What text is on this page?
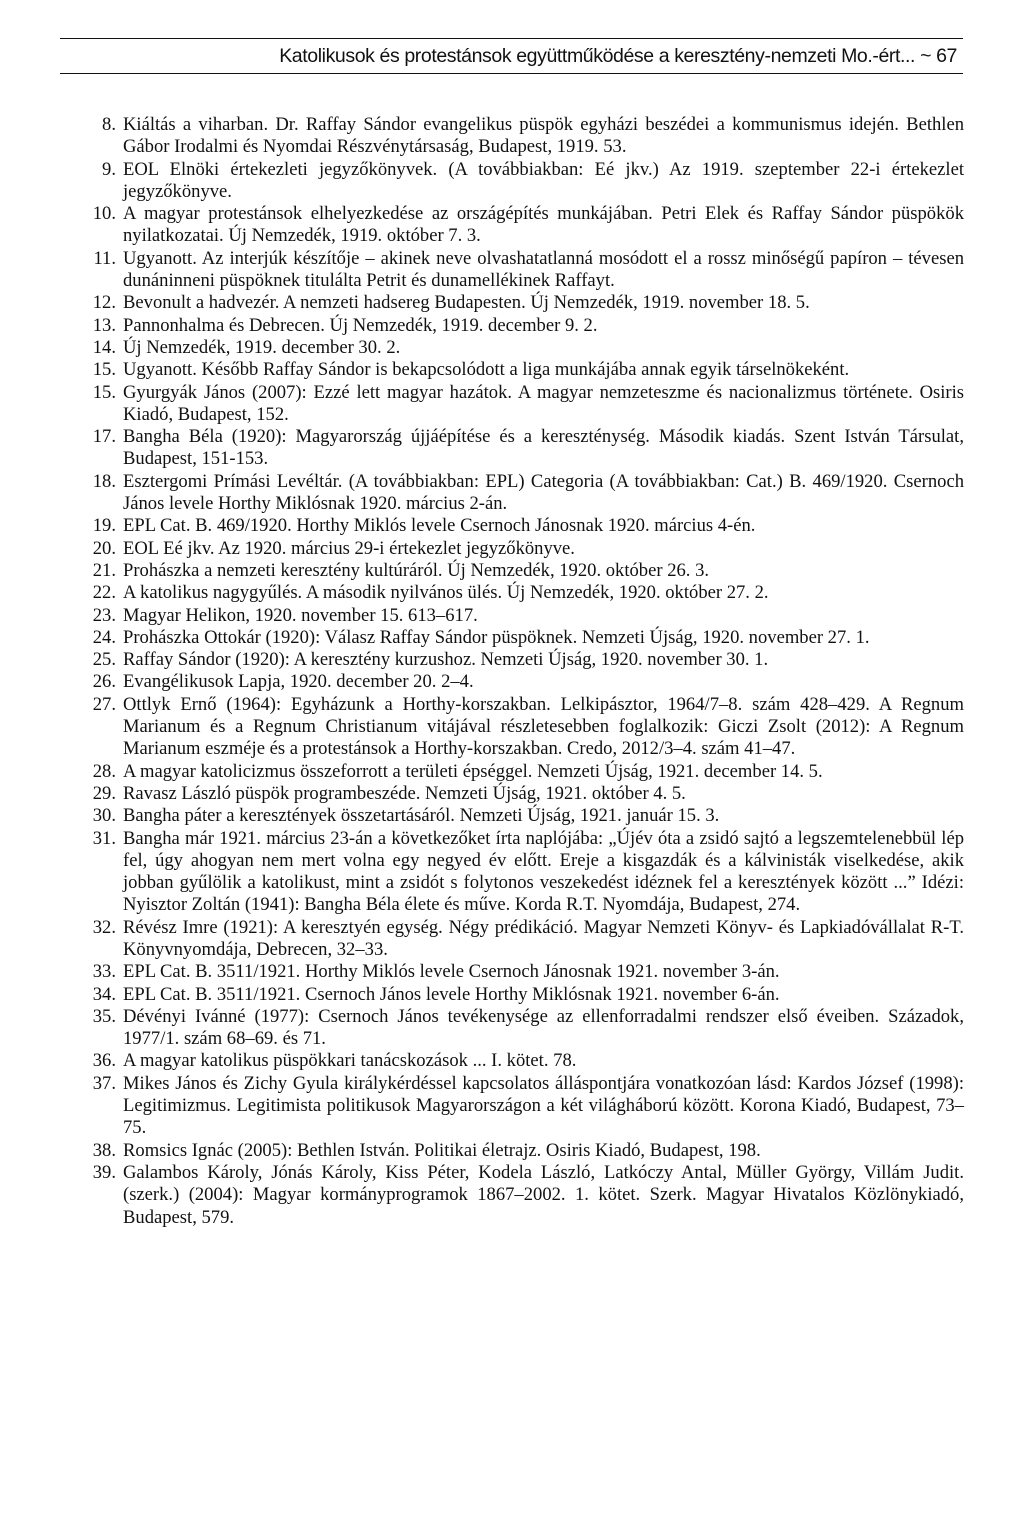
Katolikusok és protestánsok együttműködése a keresztény-nemzeti Mo.-ért... ~ 67
8. Kiáltás a viharban. Dr. Raffay Sándor evangelikus püspök egyházi beszédei a kommunismus idején. Bethlen Gábor Irodalmi és Nyomdai Részvénytársaság, Budapest, 1919. 53.
9. EOL Elnöki értekezleti jegyzőkönyvek. (A továbbiakban: Eé jkv.) Az 1919. szeptember 22-i értekezlet jegyzőkönyve.
10. A magyar protestánsok elhelyezkedése az országépítés munkájában. Petri Elek és Raffay Sándor püspökök nyilatkozatai. Új Nemzedék, 1919. október 7. 3.
11. Ugyanott. Az interjúk készítője – akinek neve olvashatatlanná mosódott el a rossz minőségű papíron – tévesen dunáninneni püspöknek titulálta Petrit és dunamellékinek Raffayt.
12. Bevonult a hadvezér. A nemzeti hadsereg Budapesten. Új Nemzedék, 1919. november 18. 5.
13. Pannonhalma és Debrecen. Új Nemzedék, 1919. december 9. 2.
14. Új Nemzedék, 1919. december 30. 2.
15. Ugyanott. Később Raffay Sándor is bekapcsolódott a liga munkájába annak egyik társelnökeként.
15. Gyurgyák János (2007): Ezzé lett magyar hazátok. A magyar nemzeteszme és nacionalizmus története. Osiris Kiadó, Budapest, 152.
17. Bangha Béla (1920): Magyarország újjáépítése és a kereszténység. Második kiadás. Szent István Társulat, Budapest, 151-153.
18. Esztergomi Prímási Levéltár. (A továbbiakban: EPL) Categoria (A továbbiakban: Cat.) B. 469/1920. Csernoch János levele Horthy Miklósnak 1920. március 2-án.
19. EPL Cat. B. 469/1920. Horthy Miklós levele Csernoch Jánosnak 1920. március 4-én.
20. EOL Eé jkv. Az 1920. március 29-i értekezlet jegyzőkönyve.
21. Prohászka a nemzeti keresztény kultúráról. Új Nemzedék, 1920. október 26. 3.
22. A katolikus nagygyűlés. A második nyilvános ülés. Új Nemzedék, 1920. október 27. 2.
23. Magyar Helikon, 1920. november 15. 613–617.
24. Prohászka Ottokár (1920): Válasz Raffay Sándor püspöknek. Nemzeti Újság, 1920. november 27. 1.
25. Raffay Sándor (1920): A keresztény kurzushoz. Nemzeti Újság, 1920. november 30. 1.
26. Evangélikusok Lapja, 1920. december 20. 2–4.
27. Ottlyk Ernő (1964): Egyházunk a Horthy-korszakban. Lelkipásztor, 1964/7–8. szám 428–429. A Regnum Marianum és a Regnum Christianum vitájával részletesebben foglalkozik: Giczi Zsolt (2012): A Regnum Marianum eszméje és a protestánsok a Horthy-korszakban. Credo, 2012/3–4. szám 41–47.
28. A magyar katolicizmus összeforrott a területi épséggel. Nemzeti Újság, 1921. december 14. 5.
29. Ravasz László püspök programbeszéde. Nemzeti Újság, 1921. október 4. 5.
30. Bangha páter a keresztények összetartásáról. Nemzeti Újság, 1921. január 15. 3.
31. Bangha már 1921. március 23-án a következőket írta naplójába: „Újév óta a zsidó sajtó a legszemtelenebbül lép fel, úgy ahogyan nem mert volna egy negyed év előtt. Ereje a kisgazdák és a kálvinisták viselkedése, akik jobban gyűlölik a katolikust, mint a zsidót s folytonos veszekedést idéznek fel a keresztények között ...” Idézi: Nyisztor Zoltán (1941): Bangha Béla élete és műve. Korda R.T. Nyomdája, Budapest, 274.
32. Révész Imre (1921): A keresztyén egység. Négy prédikáció. Magyar Nemzeti Könyv- és Lapkiadóvállalat R-T. Könyvnyomdája, Debrecen, 32–33.
33. EPL Cat. B. 3511/1921. Horthy Miklós levele Csernoch Jánosnak 1921. november 3-án.
34. EPL Cat. B. 3511/1921. Csernoch János levele Horthy Miklósnak 1921. november 6-án.
35. Dévényi Ivánné (1977): Csernoch János tevékenysége az ellenforradalmi rendszer első éveiben. Századok, 1977/1. szám 68–69. és 71.
36. A magyar katolikus püspökkari tanácskozások ... I. kötet. 78.
37. Mikes János és Zichy Gyula királykérdéssel kapcsolatos álláspontjára vonatkozóan lásd: Kardos József (1998): Legitimizmus. Legitimista politikusok Magyarországon a két világháború között. Korona Kiadó, Budapest, 73–75.
38. Romsics Ignác (2005): Bethlen István. Politikai életrajz. Osiris Kiadó, Budapest, 198.
39. Galambos Károly, Jónás Károly, Kiss Péter, Kodela László, Latkóczy Antal, Müller György, Villám Judit. (szerk.) (2004): Magyar kormányprogramok 1867–2002. 1. kötet. Szerk. Magyar Hivatalos Közlönykiadó, Budapest, 579.
